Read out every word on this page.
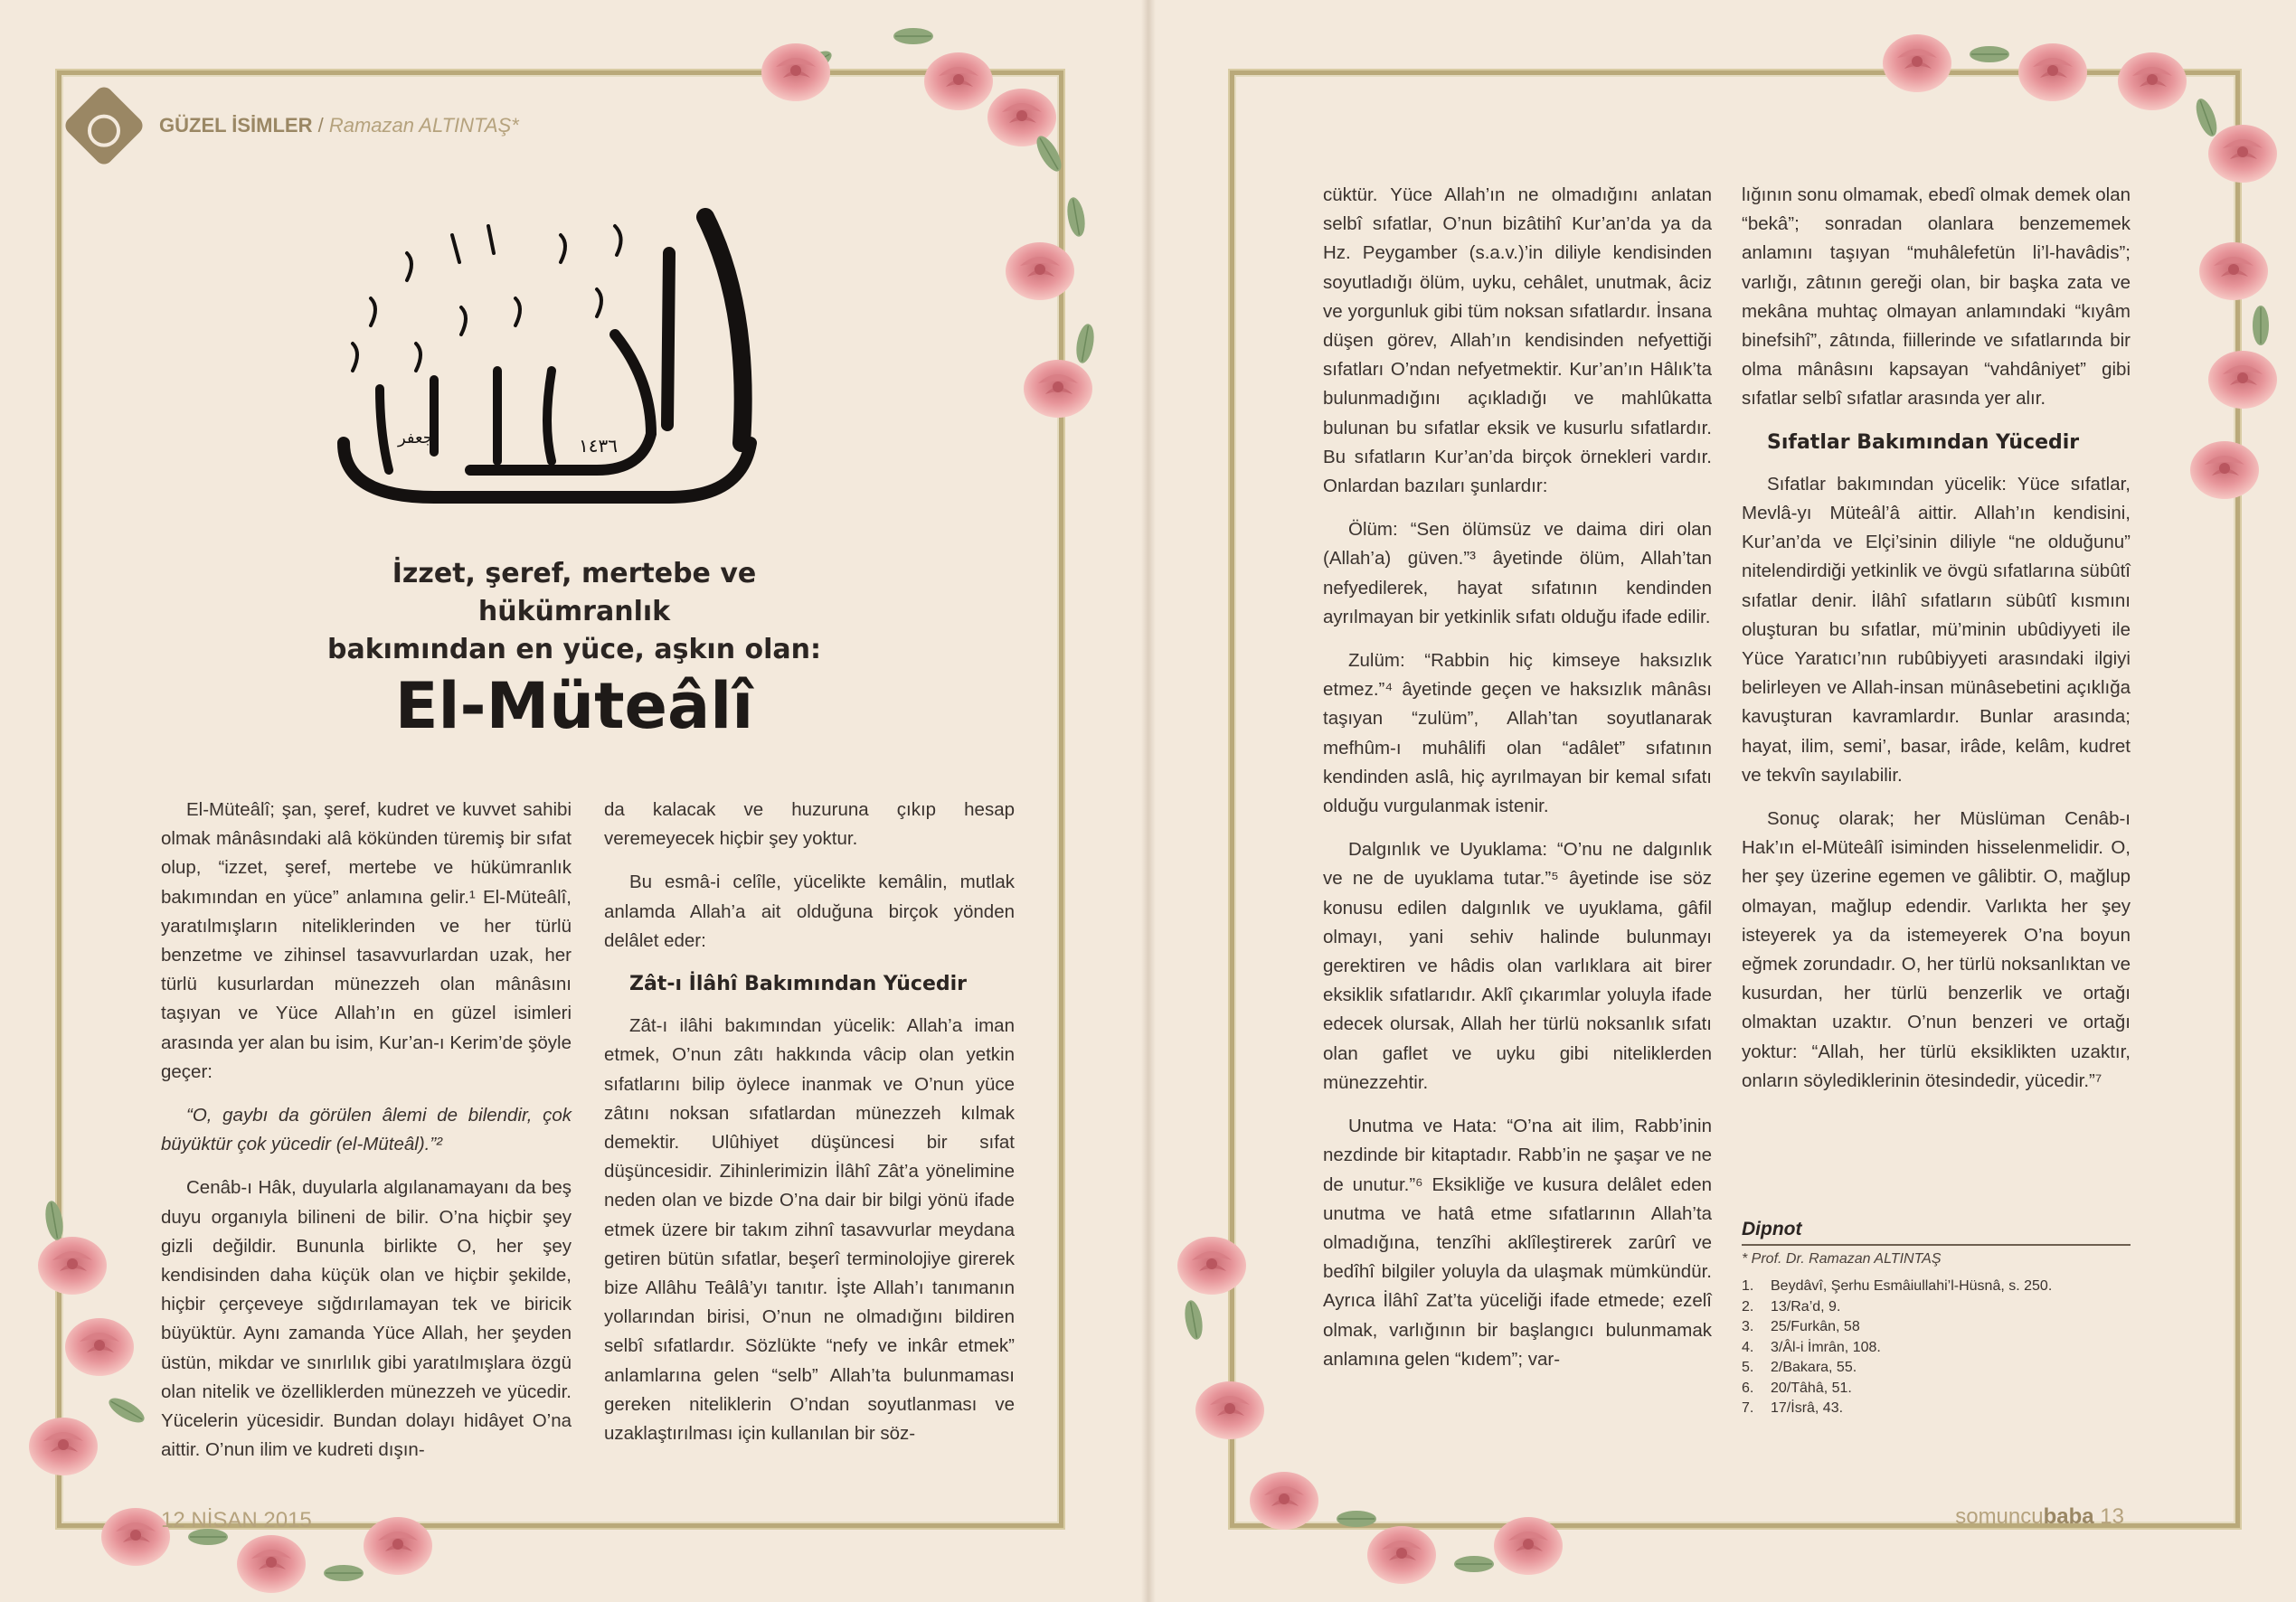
GÜZEL İSİMLER / Ramazan ALTINTAŞ*
١٤٣٦
جعفر
İzzet, şeref, mertebe ve hükümranlık
bakımından en yüce, aşkın olan:
El-Müteâlî

El-Müteâlî; şan, şeref, kudret ve kuvvet sahibi olmak mânâsındaki alâ kökünden türemiş bir sıfat olup, “izzet, şeref, mertebe ve hükümranlık bakımından en yüce” anlamına gelir.¹ El-Müteâlî, yaratılmışların niteliklerinden ve her türlü benzetme ve zihinsel tasavvurlardan uzak, her türlü kusurlardan münezzeh olan mânâsını taşıyan ve Yüce Allah’ın en güzel isimleri arasında yer alan bu isim, Kur’an-ı Kerim’de şöyle geçer:

“O, gaybı da görülen âlemi de bilendir, çok büyüktür çok yücedir (el-Müteâl).”²

Cenâb-ı Hâk, duyularla algılanamayanı da beş duyu organıyla bilineni de bilir. O’na hiçbir şey gizli değildir. Bununla birlikte O, her şey kendisinden daha küçük olan ve hiçbir şekilde, hiçbir çerçeveye sığdırılamayan tek ve biricik büyüktür. Aynı zamanda Yüce Allah, her şeyden üstün, mikdar ve sınırlılık gibi yaratılmışlara özgü olan nitelik ve özelliklerden münezzeh ve yücedir. Yücelerin yücesidir. Bundan dolayı hidâyet O’na aittir. O’nun ilim ve kudreti dışın-

da kalacak ve huzuruna çıkıp hesap veremeyecek hiçbir şey yoktur.

Bu esmâ-i celîle, yücelikte kemâlin, mutlak anlamda Allah’a ait olduğuna birçok yönden delâlet eder:

Zât-ı İlâhî Bakımından Yücedir

Zât-ı ilâhi bakımından yücelik: Allah’a iman etmek, O’nun zâtı hakkında vâcip olan yetkin sıfatlarını bilip öylece inanmak ve O’nun yüce zâtını noksan sıfatlardan münezzeh kılmak demektir. Ulûhiyet düşüncesi bir sıfat düşüncesidir. Zihinlerimizin İlâhî Zât’a yönelimine neden olan ve bizde O’na dair bir bilgi yönü ifade etmek üzere bir takım zihnî tasavvurlar meydana getiren bütün sıfatlar, beşerî terminolojiye girerek bize Allâhu Teâlâ’yı tanıtır. İşte Allah’ı tanımanın yollarından birisi, O’nun ne olmadığını bildiren selbî sıfatlardır. Sözlükte “nefy ve inkâr etmek” anlamlarına gelen “selb” Allah’ta bulunmaması gereken niteliklerin O’ndan soyutlanması ve uzaklaştırılması için kullanılan bir söz-

cüktür. Yüce Allah’ın ne olmadığını anlatan selbî sıfatlar, O’nun bizâtihî Kur’an’da ya da Hz. Peygamber (s.a.v.)’in diliyle kendisinden soyutladığı ölüm, uyku, cehâlet, unutmak, âciz ve yorgunluk gibi tüm noksan sıfatlardır. İnsana düşen görev, Allah’ın kendisinden nefyettiği sıfatları O’ndan nefyetmektir. Kur’an’ın Hâlık’ta bulunmadığını açıkladığı ve mahlûkatta bulunan bu sıfatlar eksik ve kusurlu sıfatlardır. Bu sıfatların Kur’an’da birçok örnekleri vardır. Onlardan bazıları şunlardır:

Ölüm: “Sen ölümsüz ve daima diri olan (Allah’a) güven.”³ âyetinde ölüm, Allah’tan nefyedilerek, hayat sıfatının kendinden ayrılmayan bir yetkinlik sıfatı olduğu ifade edilir.

Zulüm: “Rabbin hiç kimseye haksızlık etmez.”⁴ âyetinde geçen ve haksızlık mânâsı taşıyan “zulüm”, Allah’tan soyutlanarak mefhûm-ı muhâlifi olan “adâlet” sıfatının kendinden aslâ, hiç ayrılmayan bir kemal sıfatı olduğu vurgulanmak istenir.

Dalgınlık ve Uyuklama: “O’nu ne dalgınlık ve ne de uyuklama tutar.”⁵ âyetinde ise söz konusu edilen dalgınlık ve uyuklama, gâfil olmayı, yani sehiv halinde bulunmayı gerektiren ve hâdis olan varlıklara ait birer eksiklik sıfatlarıdır. Aklî çıkarımlar yoluyla ifade edecek olursak, Allah her türlü noksanlık sıfatı olan gaflet ve uyku gibi niteliklerden münezzehtir.

Unutma ve Hata: “O’na ait ilim, Rabb’inin nezdinde bir kitaptadır. Rabb’in ne şaşar ve ne de unutur.”⁶ Eksikliğe ve kusura delâlet eden unutma ve hatâ etme sıfatlarının Allah’ta olmadığına, tenzîhi aklîleştirerek zarûrî ve bedîhî bilgiler yoluyla da ulaşmak mümkündür. Ayrıca İlâhî Zat’ta yüceliği ifade etmede; ezelî olmak, varlığının bir başlangıcı bulunmamak anlamına gelen “kıdem”; var-

lığının sonu olmamak, ebedî olmak demek olan “bekâ”; sonradan olanlara benzememek anlamını taşıyan “muhâlefetün li’l-havâdis”; varlığı, zâtının gereği olan, bir başka zata ve mekâna muhtaç olmayan anlamındaki “kıyâm binefsihî”, zâtında, fiillerinde ve sıfatlarında bir olma mânâsını kapsayan “vahdâniyet” gibi sıfatlar selbî sıfatlar arasında yer alır.

Sıfatlar Bakımından Yücedir

Sıfatlar bakımından yücelik: Yüce sıfatlar, Mevlâ-yı Müteâl’â aittir. Allah’ın kendisini, Kur’an’da ve Elçi’sinin diliyle “ne olduğunu” nitelendirdiği yetkinlik ve övgü sıfatlarına sübûtî sıfatlar denir. İlâhî sıfatların sübûtî kısmını oluşturan bu sıfatlar, mü’minin ubûdiyyeti ile Yüce Yaratıcı’nın rubûbiyyeti arasındaki ilgiyi belirleyen ve Allah-insan münâsebetini açıklığa kavuşturan kavramlardır. Bunlar arasında; hayat, ilim, semi’, basar, irâde, kelâm, kudret ve tekvîn sayılabilir.

Sonuç olarak; her Müslüman Cenâb-ı Hak’ın el-Müteâlî isiminden hisselenmelidir. O, her şey üzerine egemen ve gâlibtir. O, mağlup olmayan, mağlup edendir. Varlıkta her şey isteyerek ya da istemeyerek O’na boyun eğmek zorundadır. O, her türlü noksanlıktan ve kusurdan, her türlü benzerlik ve ortağı olmaktan uzaktır. O’nun benzeri ve ortağı yoktur: “Allah, her türlü eksiklikten uzaktır, onların söylediklerinin ötesindedir, yücedir.”⁷

Dipnot
* Prof. Dr. Ramazan ALTINTAŞ
1.	Beydâvî, Şerhu Esmâiullahi’l-Hüsnâ, s. 250.
2.	13/Ra’d, 9.
3.	25/Furkân, 58
4.	3/Âl-i İmrân, 108.
5.	2/Bakara, 55.
6.	20/Tâhâ, 51.
7.	17/İsrâ, 43.
12 NİSAN 2015	somuncubaba 13
